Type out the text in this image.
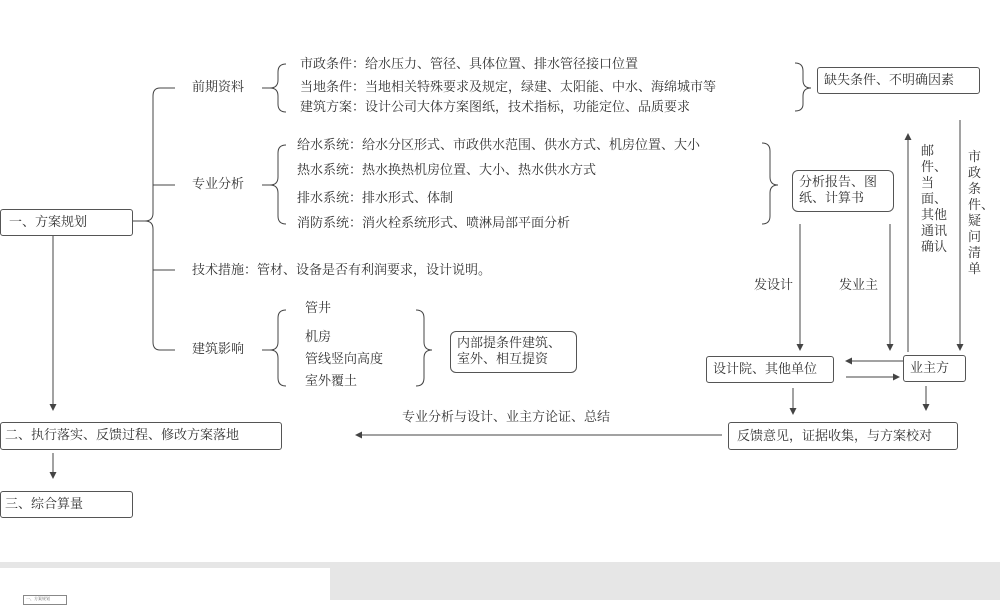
一、方案规划
前期资料
专业分析
技术措施：管材、设备是否有利润要求，设计说明。
建筑影响
市政条件：给水压力、管径、具体位置、排水管径接口位置
当地条件：当地相关特殊要求及规定，绿建、太阳能、中水、海绵城市等
建筑方案：设计公司大体方案图纸，技术指标，功能定位、品质要求
缺失条件、不明确因素
给水系统：给水分区形式、市政供水范围、供水方式、机房位置、大小
热水系统：热水换热机房位置、大小、热水供水方式
排水系统：排水形式、体制
消防系统：消火栓系统形式、喷淋局部平面分析
分析报告、图纸、计算书
管井
机房
管线竖向高度
室外覆土
内部提条件建筑、室外、相互提资
发设计	发业主
邮件、当面、其他通讯确认
市政条件、疑问清单
设计院、其他单位	业主方
反馈意见，证据收集，与方案校对
专业分析与设计、业主方论证、总结
二、执行落实、反馈过程、修改方案落地
三、综合算量
一、方案规划
